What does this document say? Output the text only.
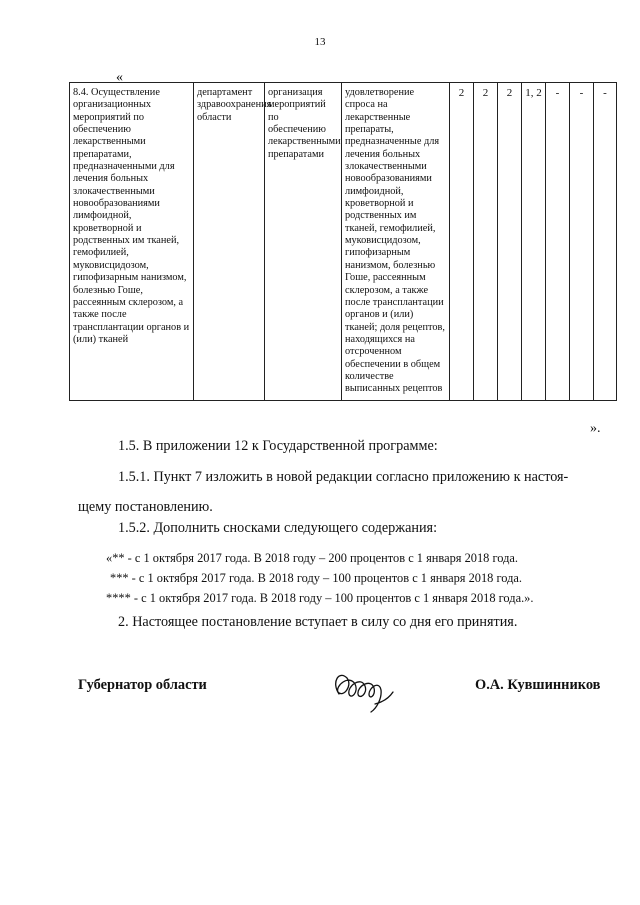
13
«
8.4. Осуществление организационных мероприятий по обеспечению лекарственными препаратами, предназначенными для лечения больных злокачественными новообразованиями лимфоидной, кроветворной и родственных им тканей, гемофилией, муковисцидозом, гипофизарным нанизмом, болезнью Гоше, рассеянным склерозом, а также после трансплантации органов и (или) тканей	департамент здравоохранения области	организация мероприятий по обеспечению лекарственными препаратами	удовлетворение спроса на лекарственные препараты, предназначенные для лечения больных злокачественными новообразованиями лимфоидной, кроветворной и родственных им тканей, гемофилией, муковисцидозом, гипофизарным нанизмом, болезнью Гоше, рассеянным склерозом, а также после трансплантации органов и (или) тканей; доля рецептов, находящихся на отсроченном обеспечении в общем количестве выписанных рецептов	2	2	2	1, 2	-	-	-
».
1.5. В приложении 12 к Государственной программе:
1.5.1. Пункт 7 изложить в новой редакции согласно приложению к настоя-
щему постановлению.
1.5.2. Дополнить сносками следующего содержания:
«** - с 1 октября 2017 года. В 2018 году – 200 процентов с 1 января 2018 года.
*** - с 1 октября 2017 года. В 2018 году – 100 процентов с 1 января 2018 года.
**** - с 1 октября 2017 года. В 2018 году – 100 процентов с 1 января 2018 года.».
2. Настоящее постановление вступает в силу со дня его принятия.
Губернатор области	О.А. Кувшинников
